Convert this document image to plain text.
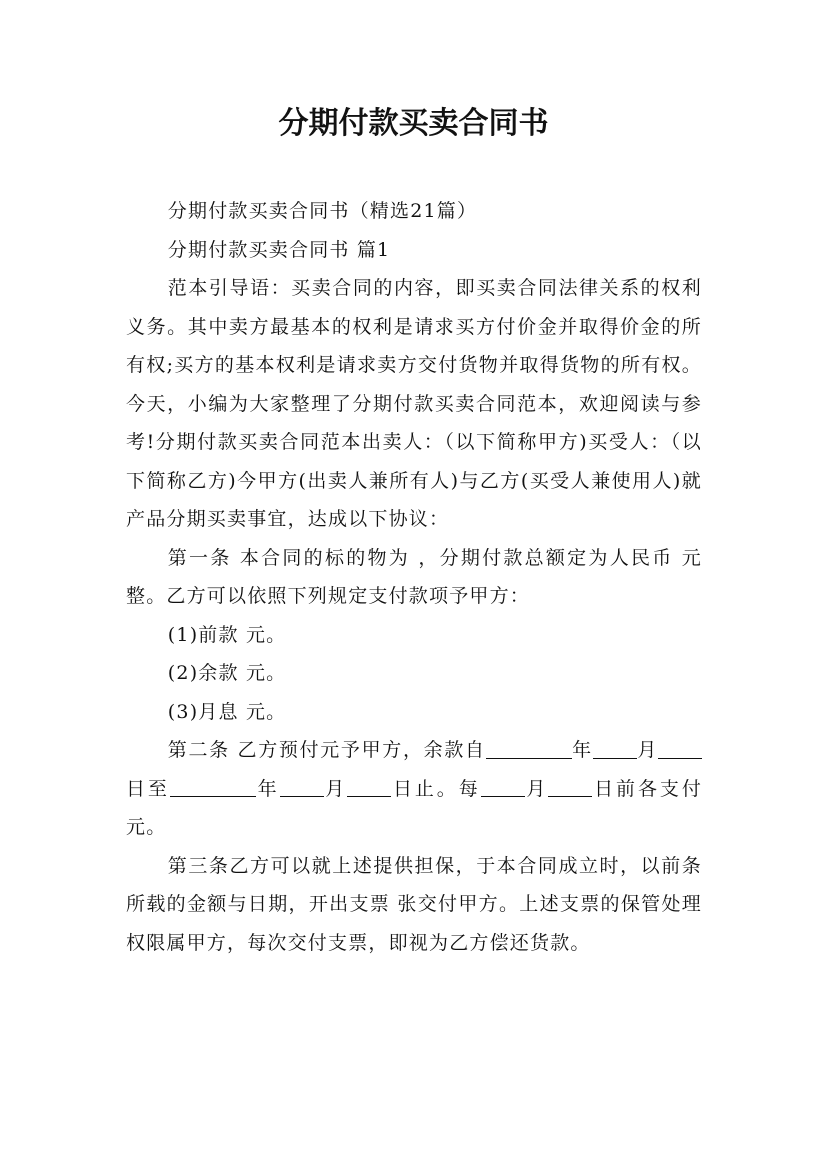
分期付款买卖合同书

分期付款买卖合同书（精选21篇）

分期付款买卖合同书 篇1

范本引导语：买卖合同的内容，即买卖合同法律关系的权利义务。其中卖方最基本的权利是请求买方付价金并取得价金的所有权;买方的基本权利是请求卖方交付货物并取得货物的所有权。今天，小编为大家整理了分期付款买卖合同范本，欢迎阅读与参考!分期付款买卖合同范本出卖人：（以下简称甲方)买受人：（以下简称乙方)今甲方(出卖人兼所有人)与乙方(买受人兼使用人)就产品分期买卖事宜，达成以下协议：

第一条 本合同的标的物为 ，分期付款总额定为人民币 元整。乙方可以依照下列规定支付款项予甲方：

(1)前款 元。

(2)余款 元。

(3)月息 元。

第二条 乙方预付元予甲方，余款自	年 月日至	年 月 日止。每 月 日前各支付 元。

第三条乙方可以就上述提供担保，于本合同成立时，以前条所载的金额与日期，开出支票 张交付甲方。上述支票的保管处理权限属甲方，每次交付支票，即视为乙方偿还货款。
